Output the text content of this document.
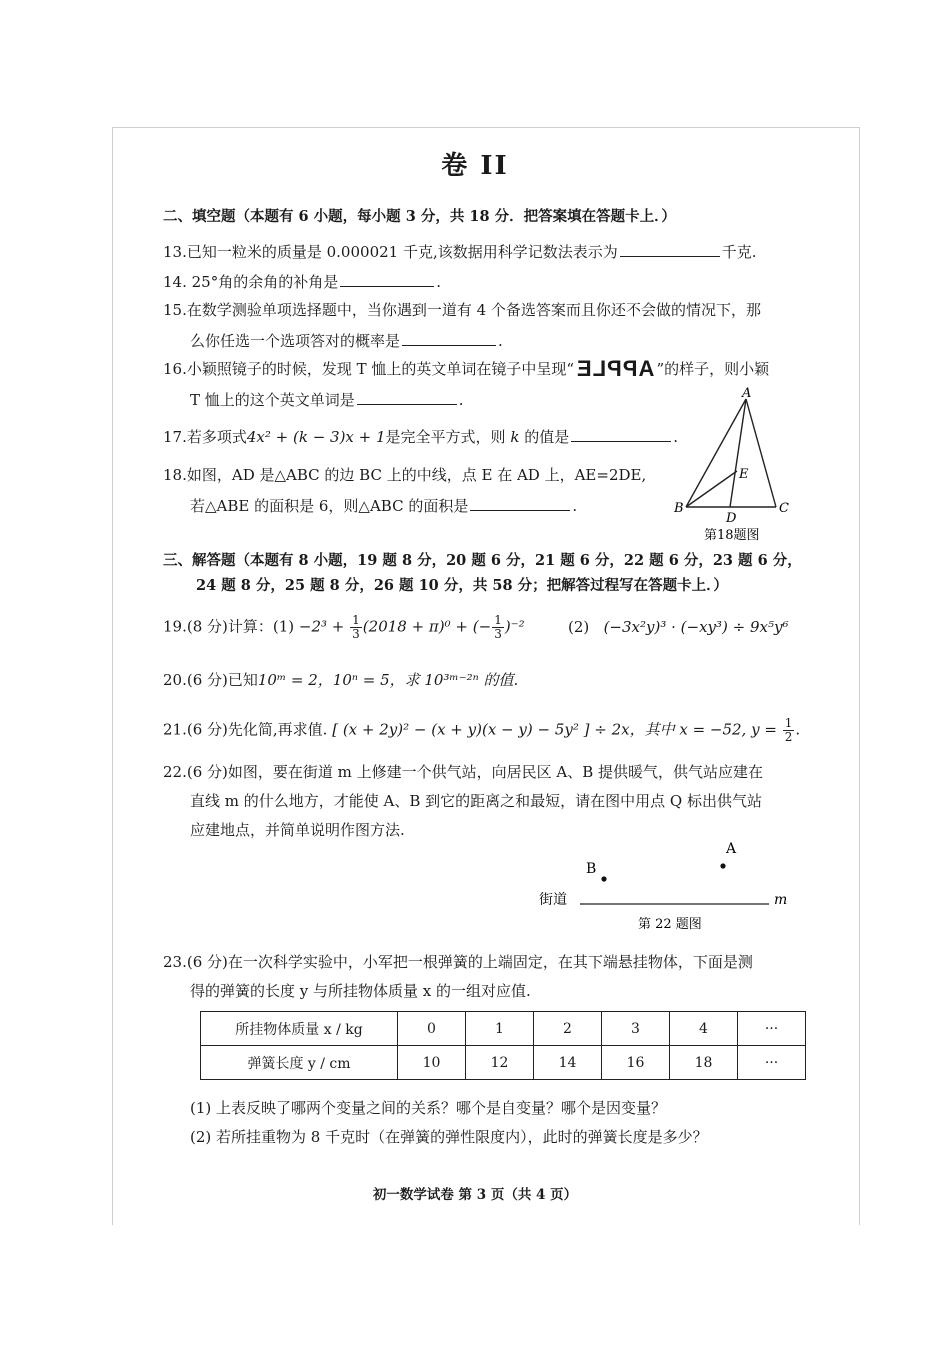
卷 II
二、填空题（本题有 6 小题，每小题 3 分，共 18 分．把答案填在答题卡上．）
13.已知一粒米的质量是 0.000021 千克,该数据用科学记数法表示为	千克.
14. 25°角的余角的补角是	.
15.在数学测验单项选择题中，当你遇到一道有 4 个备选答案而且你还不会做的情况下，那
么你任选一个选项答对的概率是	.
16.小颖照镜子的时候，发现 T 恤上的英文单词在镜子中呈现“APPLE ”的样子，则小颖
T 恤上的这个英文单词是	.
17.若多项式4x² + (k − 3)x + 1是完全平方式，则 k 的值是	.
18.如图，AD 是△ABC 的边 BC 上的中线，点 E 在 AD 上，AE=2DE,
若△ABE 的面积是 6，则△ABC 的面积是	.
A
B	C
D
E
第18题图
三、解答题（本题有 8 小题，19 题 8 分，20 题 6 分，21 题 6 分，22 题 6 分，23 题 6 分，
24 题 8 分，25 题 8 分，26 题 10 分，共 58 分；把解答过程写在答题卡上．）
19.(8 分)计算：$(1) -2^3 + \frac{1}{3} (2018 + \pi)^0$ + (− $\frac{1}{3} )^{-2}$	(2) (−3x²y)³ · (−xy³) ÷ 9x⁵y⁶
20.(6 分)已知10ᵐ = 2，10ⁿ = 5，求 10³ᵐ⁻²ⁿ 的值.
21.(6 分)先化简,再求值. [ (x + 2y)² − (x + y)(x − y) − 5y² ] ÷ 2x，其中 x = −52, $y = \frac{1}{2}$ .
22.(6 分)如图，要在街道 m 上修建一个供气站，向居民区 A、B 提供暖气，供气站应建在
直线 m 的什么地方，才能使 A、B 到它的距离之和最短，请在图中用点 Q 标出供气站
应建地点，并简单说明作图方法.
B
A
街道	m
第 22 题图
23.(6 分)在一次科学实验中，小军把一根弹簧的上端固定，在其下端悬挂物体，下面是测
得的弹簧的长度 y 与所挂物体质量 x 的一组对应值.
所挂物体质量 x / kg	0	1	2	3	4	···
弹簧长度 y / cm	10	12	14	16	18	···
(1) 上表反映了哪两个变量之间的关系？哪个是自变量？哪个是因变量？
(2) 若所挂重物为 8 千克时（在弹簧的弹性限度内），此时的弹簧长度是多少？
初一数学试卷 第 3 页（共 4 页）
